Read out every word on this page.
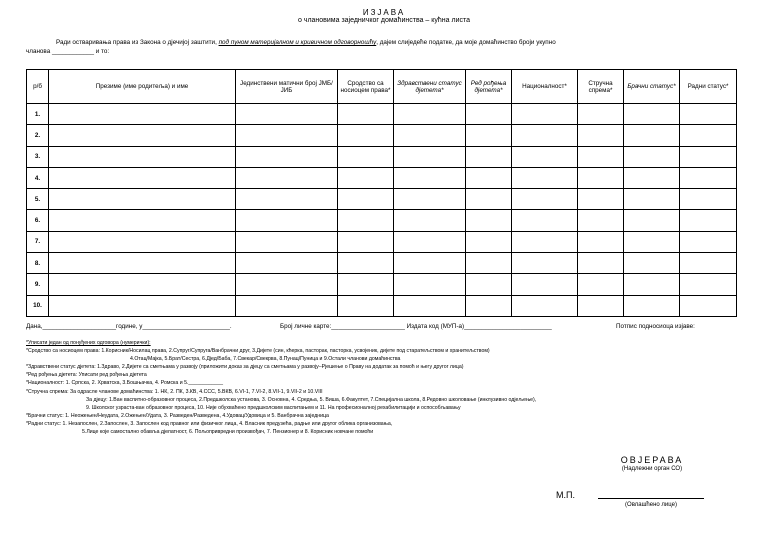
ИЗЈАВА
о члановима заједничког домаћинства – кућна листа
Ради остваривања права из Закона о дјечијој заштити, под пуном материјалном и кривичном одговорношћу, дајем слиједеће податке, да моје домаћинство броји укупно
чланова ____________ и то:
р/б	Презиме (име родитеља) и име	Јединствени матични број ЈМБ/ЈИБ	Сродство са носиоцем права*	Здравствени статус дјетета*	Ред рођења дјетета*	Националност*	Стручна спрема*	Брачни статус*	Радни статус*
1.									
2.									
3.									
4.									
5.									
6.									
7.									
8.									
9.									
10.									
Дана,_____________________године, у_________________________.	Број личне карте:_____________________ Издата код (МУП-а)_________________________	Потпис подносиоца изјаве:
*Уписати један од понуђених одговора (нумерички):
*Сродство са носиоцем права: 1.Корисник/Носилац права, 2.Супруг/Супруга/Ванбрачни друг, 3.Дијете (син, кћерка, пасторак, пасторка, усвојеник, дијете под старатељством и хранитељством)
4.Отац/Мајка, 5.Брат/Сестра, 6.Дјед/Баба, 7.Свекар/Свекрва, 8.Пунац/Пуница и 9.Остали чланови домаћинства
*Здравствени статус дјетета: 1.Здраво, 2.Дијете са сметњама у развоју (приложити доказ за дјецу са сметњама у развоју–Рјешење о Праву на додатак за помоћ и његу другог лица)
*Ред рођења дјетета: Уписати ред рођења дјетета
*Националност: 1. Српска, 2. Хрватска, 3.Бошњачка, 4. Ромска и 5.____________
*Стручна спрема: За одрасле чланове домаћинства: 1. НК, 2. ПК, 3.КВ, 4.ССС, 5.ВКВ, 6.VI-1, 7.VI-2, 8.VII-1, 9.VII-2 и 10.VIII
За дјецу: 1.Ван васпитно-образовног процеса, 2.Предшколска установа, 3. Основна, 4. Средња, 5. Виша, 6.Факултет, 7.Специјална школа, 8.Редовно школовање (инклузивно одјељење),
9. Школског узраста-ван образовног процеса, 10. Није обухваћено предшколским васпитањем и 11. На професионалној рехабилитацији и оспособљавању
*Брачни статус: 1. Неожењен/Неудата, 2.Ожењен/Удата, 3. Разведен/Разведена, 4.Удовац/Удовица и 5. Ванбрачна заједница
*Радни статус: 1. Незапослен, 2.Запослен, 3. Запослен код правног или физичког лица, 4. Власник предузећа, радње или другог облика организовања,
5.Лице које самостално обавља дјелатност, 6. Пољопривредни произвођач, 7. Пензионер и 8. Корисник новчане помоћи
ОВЈЕРАВА
(Надлежни орган СО)
М.П.
(Овлашћено лице)
